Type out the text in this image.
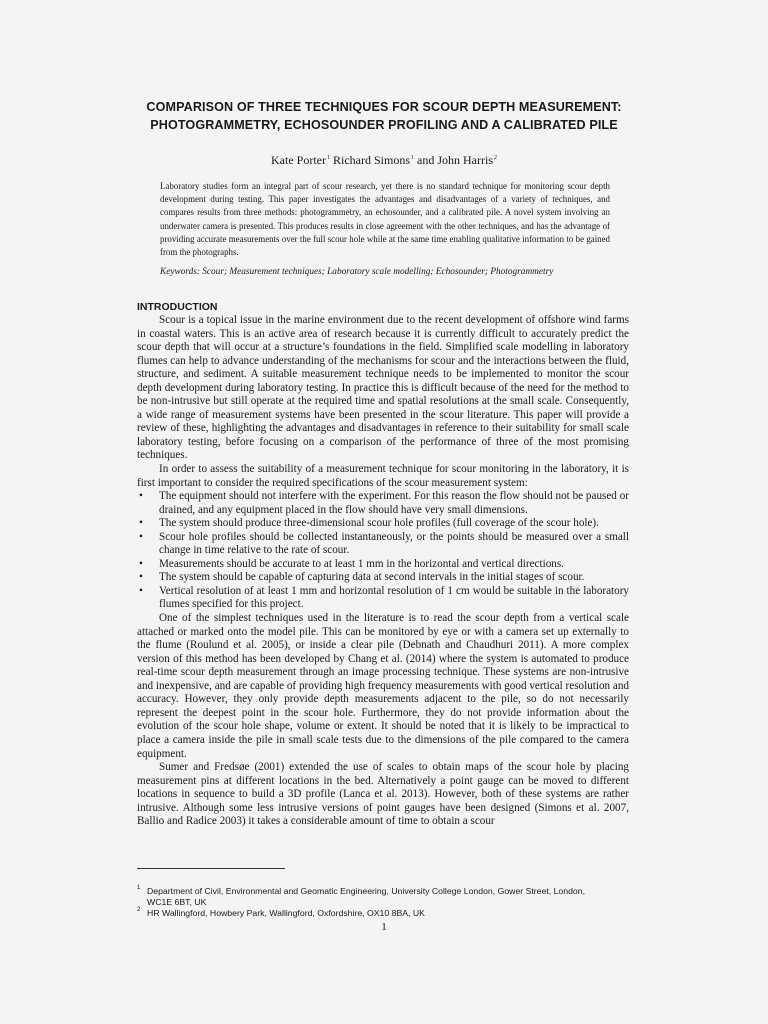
COMPARISON OF THREE TECHNIQUES FOR SCOUR DEPTH MEASUREMENT:
PHOTOGRAMMETRY, ECHOSOUNDER PROFILING AND A CALIBRATED PILE
Kate Porter$^1$ Richard Simons$^1$ and John Harris$^2$
Laboratory studies form an integral part of scour research, yet there is no standard technique for monitoring scour depth development during testing. This paper investigates the advantages and disadvantages of a variety of techniques, and compares results from three methods: photogrammetry, an echosounder, and a calibrated pile. A novel system involving an underwater camera is presented. This produces results in close agreement with the other techniques, and has the advantage of providing accurate measurements over the full scour hole while at the same time enabling qualitative information to be gained from the photographs.
Keywords: Scour; Measurement techniques; Laboratory scale modelling; Echosounder; Photogrammetry
INTRODUCTION

Scour is a topical issue in the marine environment due to the recent development of offshore wind farms in coastal waters. This is an active area of research because it is currently difficult to accurately predict the scour depth that will occur at a structure’s foundations in the field. Simplified scale modelling in laboratory flumes can help to advance understanding of the mechanisms for scour and the interactions between the fluid, structure, and sediment. A suitable measurement technique needs to be implemented to monitor the scour depth development during laboratory testing. In practice this is difficult because of the need for the method to be non-intrusive but still operate at the required time and spatial resolutions at the small scale. Consequently, a wide range of measurement systems have been presented in the scour literature. This paper will provide a review of these, highlighting the advantages and disadvantages in reference to their suitability for small scale laboratory testing, before focusing on a comparison of the performance of three of the most promising techniques.

In order to assess the suitability of a measurement technique for scour monitoring in the laboratory, it is first important to consider the required specifications of the scour measurement system:

• The equipment should not interfere with the experiment. For this reason the flow should not be paused or drained, and any equipment placed in the flow should have very small dimensions.
• The system should produce three-dimensional scour hole profiles (full coverage of the scour hole).
• Scour hole profiles should be collected instantaneously, or the points should be measured over a small change in time relative to the rate of scour.
• Measurements should be accurate to at least 1 mm in the horizontal and vertical directions.
• The system should be capable of capturing data at second intervals in the initial stages of scour.
• Vertical resolution of at least 1 mm and horizontal resolution of 1 cm would be suitable in the laboratory flumes specified for this project.

One of the simplest techniques used in the literature is to read the scour depth from a vertical scale attached or marked onto the model pile. This can be monitored by eye or with a camera set up externally to the flume (Roulund et al. 2005), or inside a clear pile (Debnath and Chaudhuri 2011). A more complex version of this method has been developed by Chang et al. (2014) where the system is automated to produce real-time scour depth measurement through an image processing technique. These systems are non-intrusive and inexpensive, and are capable of providing high frequency measurements with good vertical resolution and accuracy. However, they only provide depth measurements adjacent to the pile, so do not necessarily represent the deepest point in the scour hole. Furthermore, they do not provide information about the evolution of the scour hole shape, volume or extent. It should be noted that it is likely to be impractical to place a camera inside the pile in small scale tests due to the dimensions of the pile compared to the camera equipment.

Sumer and Fredsøe (2001) extended the use of scales to obtain maps of the scour hole by placing measurement pins at different locations in the bed. Alternatively a point gauge can be moved to different locations in sequence to build a 3D profile (Lanca et al. 2013). However, both of these systems are rather intrusive. Although some less intrusive versions of point gauges have been designed (Simons et al. 2007, Ballio and Radice 2003) it takes a considerable amount of time to obtain a scour

1 Department of Civil, Environmental and Geomatic Engineering, University College London, Gower Street, London,
WC1E 6BT, UK
2 HR Wallingford, Howbery Park, Wallingford, Oxfordshire, OX10 8BA, UK
1
